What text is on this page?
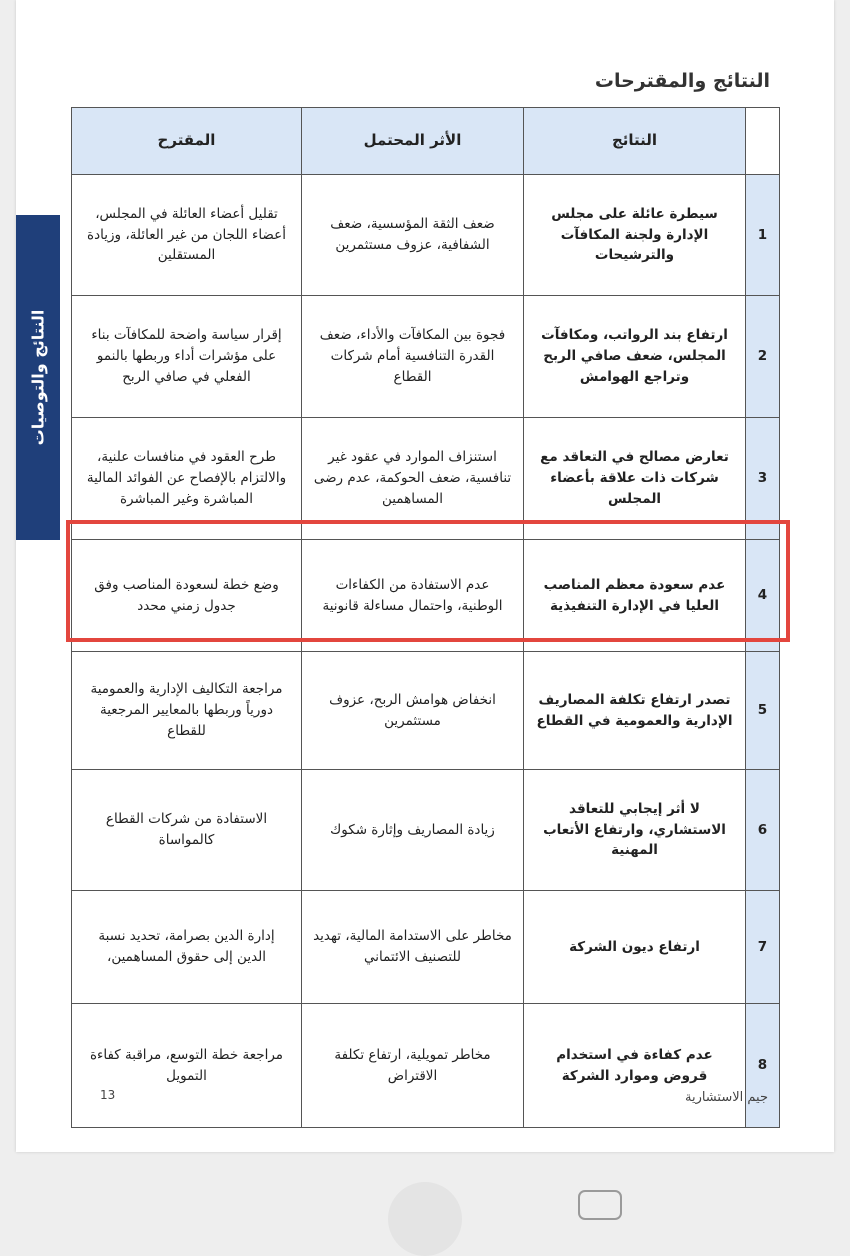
النتائج والمقترحات
النتائج والتوصيات
	النتائج	الأثر المحتمل	المقترح
1	سيطرة عائلة على مجلس الإدارة ولجنة المكافآت والترشيحات	ضعف الثقة المؤسسية، ضعف الشفافية، عزوف مستثمرين	تقليل أعضاء العائلة في المجلس، أعضاء اللجان من غير العائلة، وزيادة المستقلين
2	ارتفاع بند الرواتب، ومكافآت المجلس، ضعف صافي الربح وتراجع الهوامش	فجوة بين المكافآت والأداء، ضعف القدرة التنافسية أمام شركات القطاع	إقرار سياسة واضحة للمكافآت بناء على مؤشرات أداء وربطها بالنمو الفعلي في صافي الربح
3	تعارض مصالح في التعاقد مع شركات ذات علاقة بأعضاء المجلس	استنزاف الموارد في عقود غير تنافسية، ضعف الحوكمة، عدم رضى المساهمين	طرح العقود في منافسات علنية، والالتزام بالإفصاح عن الفوائد المالية المباشرة وغير المباشرة
4	عدم سعودة معظم المناصب العليا في الإدارة التنفيذية	عدم الاستفادة من الكفاءات الوطنية، واحتمال مساءلة قانونية	وضع خطة لسعودة المناصب وفق جدول زمني محدد
5	تصدر ارتفاع تكلفة المصاريف الإدارية والعمومية في القطاع	انخفاض هوامش الربح، عزوف مستثمرين	مراجعة التكاليف الإدارية والعمومية دورياً وربطها بالمعايير المرجعية للقطاع
6	لا أثر إيجابي للتعاقد الاستشاري، وارتفاع الأتعاب المهنية	زيادة المصاريف وإثارة شكوك	الاستفادة من شركات القطاع كالمواساة
7	ارتفاع ديون الشركة	مخاطر على الاستدامة المالية، تهديد للتصنيف الائتماني	إدارة الدين بصرامة، تحديد نسبة الدين إلى حقوق المساهمين،
8	عدم كفاءة في استخدام قروض وموارد الشركة	مخاطر تمويلية، ارتفاع تكلفة الاقتراض	مراجعة خطة التوسع، مراقبة كفاءة التمويل
جيم الاستشارية
13
